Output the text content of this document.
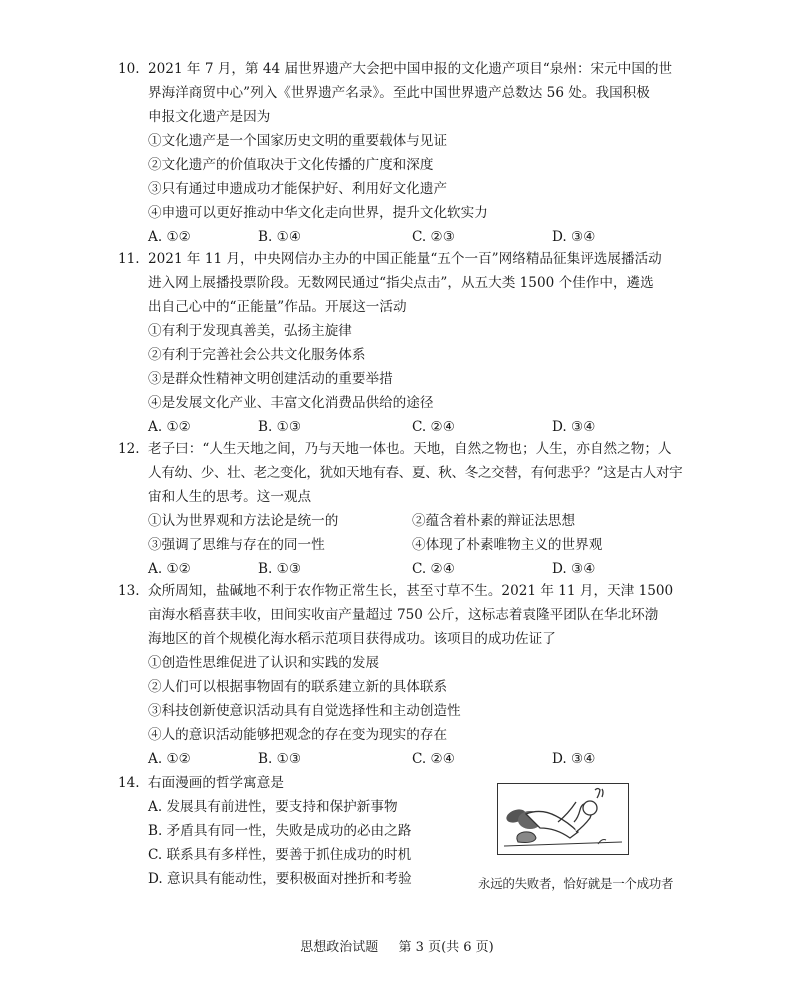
10. 2021 年 7 月，第 44 届世界遗产大会把中国申报的文化遗产项目“泉州：宋元中国的世
界海洋商贸中心”列入《世界遗产名录》。至此中国世界遗产总数达 56 处。我国积极
申报文化遗产是因为
①文化遗产是一个国家历史文明的重要载体与见证
②文化遗产的价值取决于文化传播的广度和深度
③只有通过申遗成功才能保护好、利用好文化遗产
④申遗可以更好推动中华文化走向世界，提升文化软实力
A. ①②	B. ①④	C. ②③	D. ③④
11. 2021 年 11 月，中央网信办主办的中国正能量“五个一百”网络精品征集评选展播活动
进入网上展播投票阶段。无数网民通过“指尖点击”，从五大类 1500 个佳作中，遴选
出自己心中的“正能量”作品。开展这一活动
①有利于发现真善美，弘扬主旋律
②有利于完善社会公共文化服务体系
③是群众性精神文明创建活动的重要举措
④是发展文化产业、丰富文化消费品供给的途径
A. ①②	B. ①③	C. ②④	D. ③④
12. 老子曰：“人生天地之间，乃与天地一体也。天地，自然之物也；人生，亦自然之物；人
人有幼、少、壮、老之变化，犹如天地有春、夏、秋、冬之交替，有何悲乎？”这是古人对宇
宙和人生的思考。这一观点
①认为世界观和方法论是统一的	②蕴含着朴素的辩证法思想
③强调了思维与存在的同一性	④体现了朴素唯物主义的世界观
A. ①②	B. ①③	C. ②④	D. ③④
13. 众所周知，盐碱地不利于农作物正常生长，甚至寸草不生。2021 年 11 月，天津 1500
亩海水稻喜获丰收，田间实收亩产量超过 750 公斤，这标志着袁隆平团队在华北环渤
海地区的首个规模化海水稻示范项目获得成功。该项目的成功佐证了
①创造性思维促进了认识和实践的发展
②人们可以根据事物固有的联系建立新的具体联系
③科技创新使意识活动具有自觉选择性和主动创造性
④人的意识活动能够把观念的存在变为现实的存在
A. ①②	B. ①③	C. ②④	D. ③④
14. 右面漫画的哲学寓意是
A. 发展具有前进性，要支持和保护新事物
B. 矛盾具有同一性，失败是成功的必由之路
C. 联系具有多样性，要善于抓住成功的时机
D. 意识具有能动性，要积极面对挫折和考验	永远的失败者，恰好就是一个成功者
思想政治试题 第 3 页(共 6 页)
